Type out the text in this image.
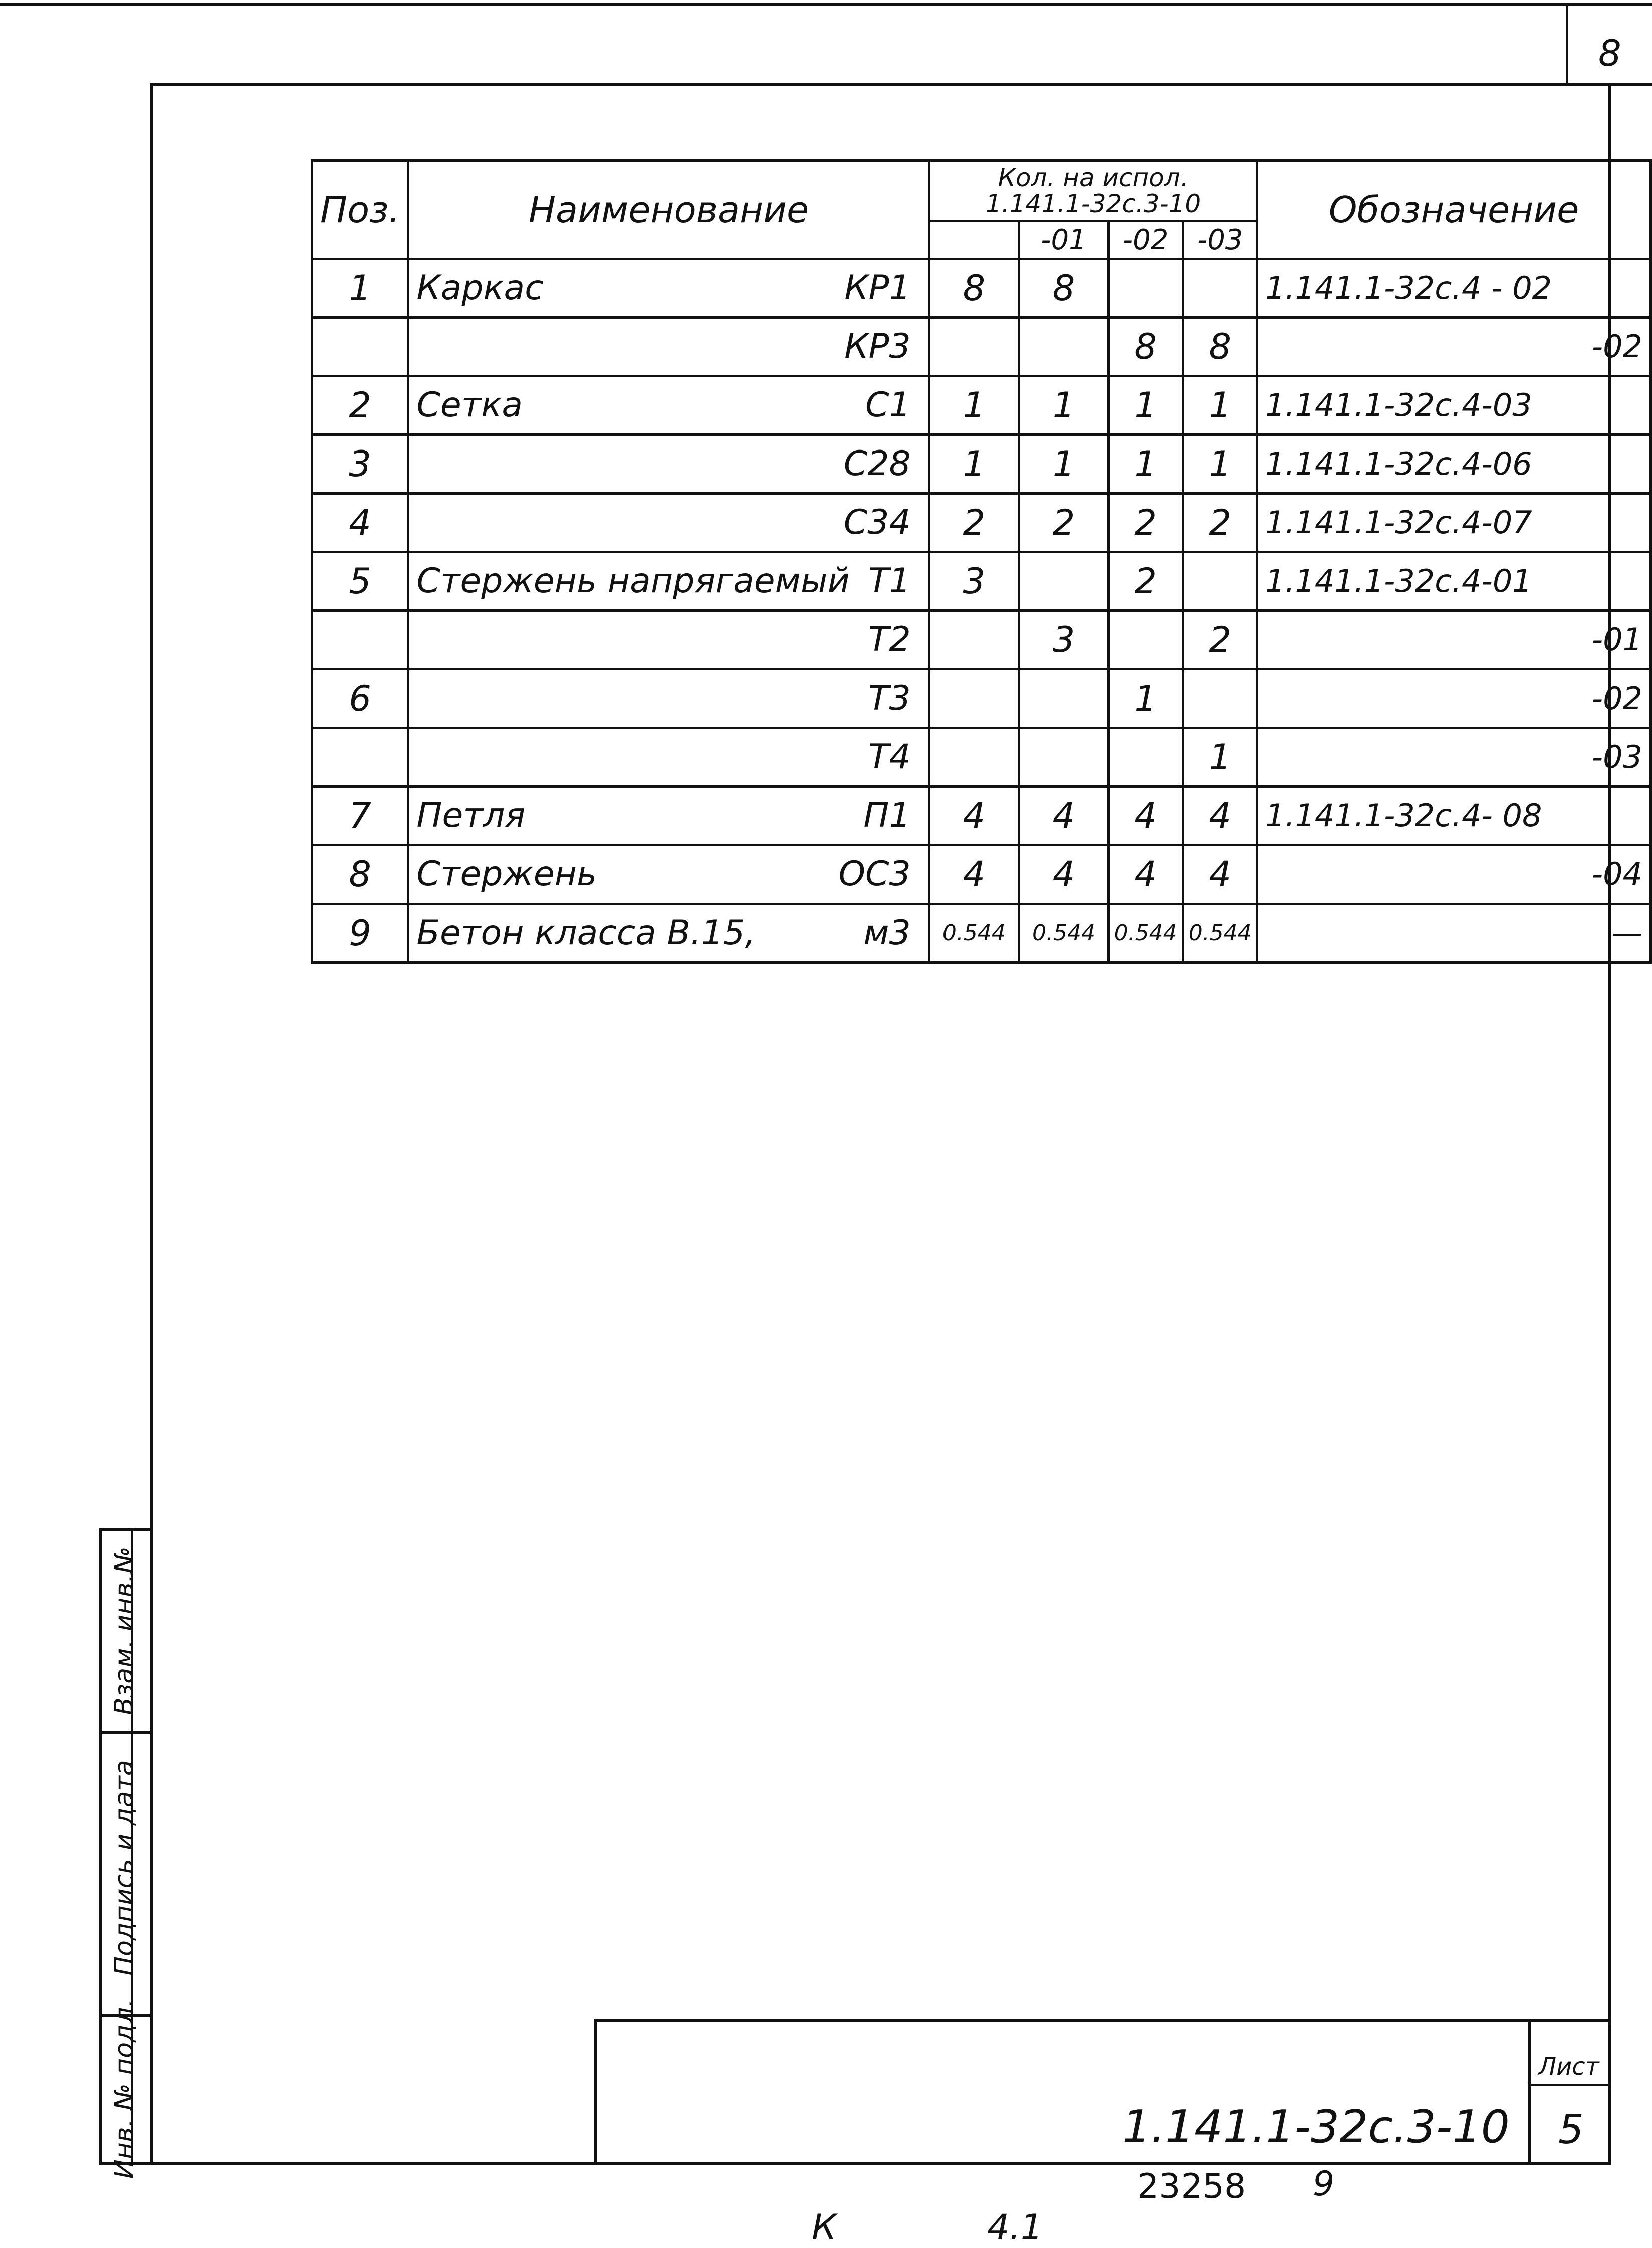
8
Взам. инв.№
Подпись и дата
Инв. № подл.
Поз.	Наименование	Кол. на испол.
1.141.1-32с.3-10				Обозначение
			-01	-02	-03	
1	Каркас КР1	8	8			1.141.1-32с.4 - 02

	КР3			8	8	-02
2	Сетка С1	1	1	1	1	1.141.1-32с.4-03
3	С28	1	1	1	1	1.141.1-32с.4-06
4	С34	2	2	2	2	1.141.1-32с.4-07
5	Стержень напрягаемый Т1	3		2		1.141.1-32с.4-01

	Т2		3		2	-01
6	Т3			1		-02

	Т4				1	-03
7	Петля П1	4	4	4	4	1.141.1-32с.4- 08
8	Стержень ОС3	4	4	4	4	-04
9	Бетон класса В.15, м3	0.544	0.544	0.544	0.544	—
Лист
1.141.1-32с.3-10 5
К	4.1
23258 9
